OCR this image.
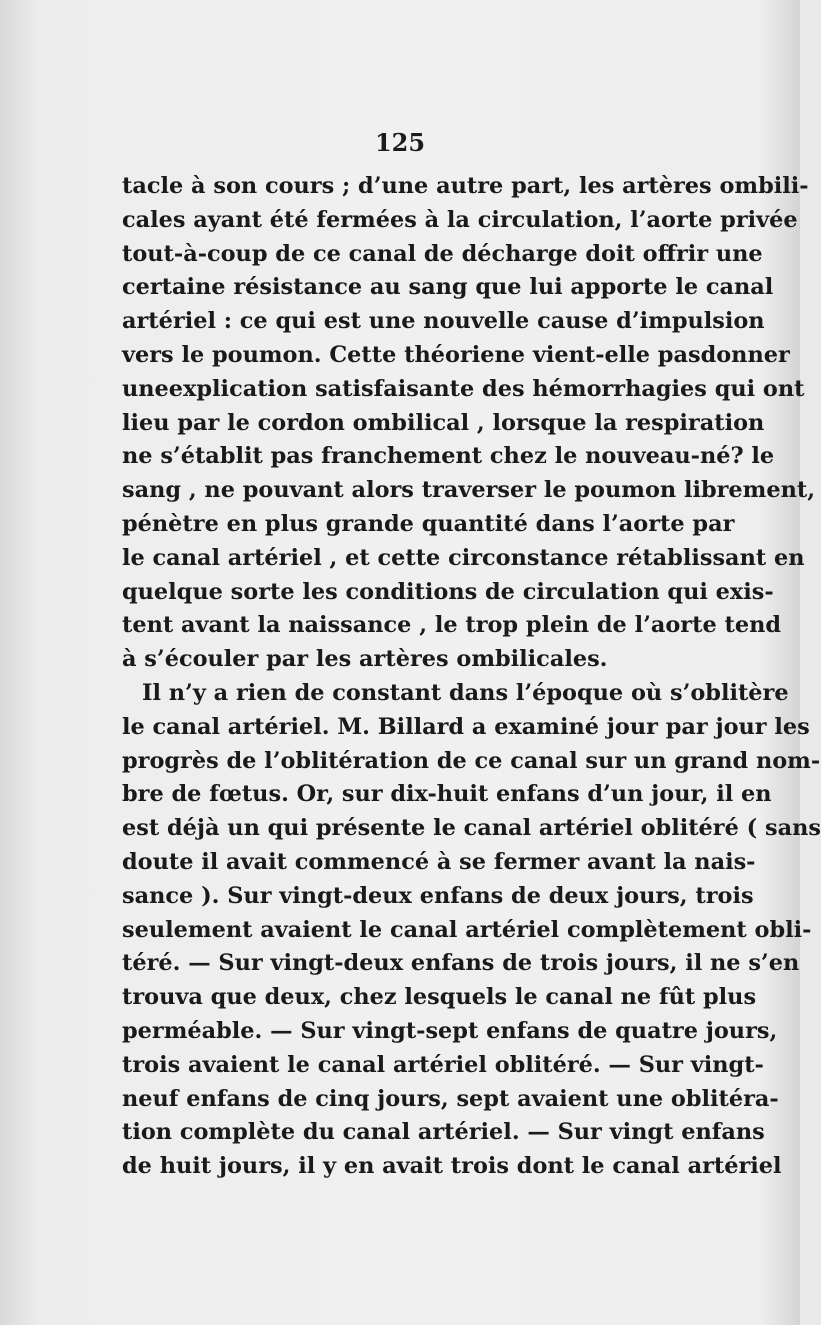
125
tacle à son cours ; d’une autre part, les artères ombili-
cales ayant été fermées à la circulation, l’aorte privée
tout-à-coup de ce canal de décharge doit offrir une
certaine résistance au sang que lui apporte le canal
artériel : ce qui est une nouvelle cause d’impulsion
vers le poumon. Cette théoriene vient-elle pasdonner
uneexplication satisfaisante des hémorrhagies qui ont
lieu par le cordon ombilical , lorsque la respiration
ne s’établit pas franchement chez le nouveau-né? le
sang , ne pouvant alors traverser le poumon librement,
pénètre en plus grande quantité dans l’aorte par
le canal artériel , et cette circonstance rétablissant en
quelque sorte les conditions de circulation qui exis-
tent avant la naissance , le trop plein de l’aorte tend
à s’écouler par les artères ombilicales.
Il n’y a rien de constant dans l’époque où s’oblitère
le canal artériel. M. Billard a examiné jour par jour les
progrès de l’oblitération de ce canal sur un grand nom-
bre de fœtus. Or, sur dix-huit enfans d’un jour, il en
est déjà un qui présente le canal artériel oblitéré ( sans
doute il avait commencé à se fermer avant la nais-
sance ). Sur vingt-deux enfans de deux jours, trois
seulement avaient le canal artériel complètement obli-
téré. — Sur vingt-deux enfans de trois jours, il ne s’en
trouva que deux, chez lesquels le canal ne fût plus
perméable. — Sur vingt-sept enfans de quatre jours,
trois avaient le canal artériel oblitéré. — Sur vingt-
neuf enfans de cinq jours, sept avaient une oblitéra-
tion complète du canal artériel. — Sur vingt enfans
de huit jours, il y en avait trois dont le canal artériel
